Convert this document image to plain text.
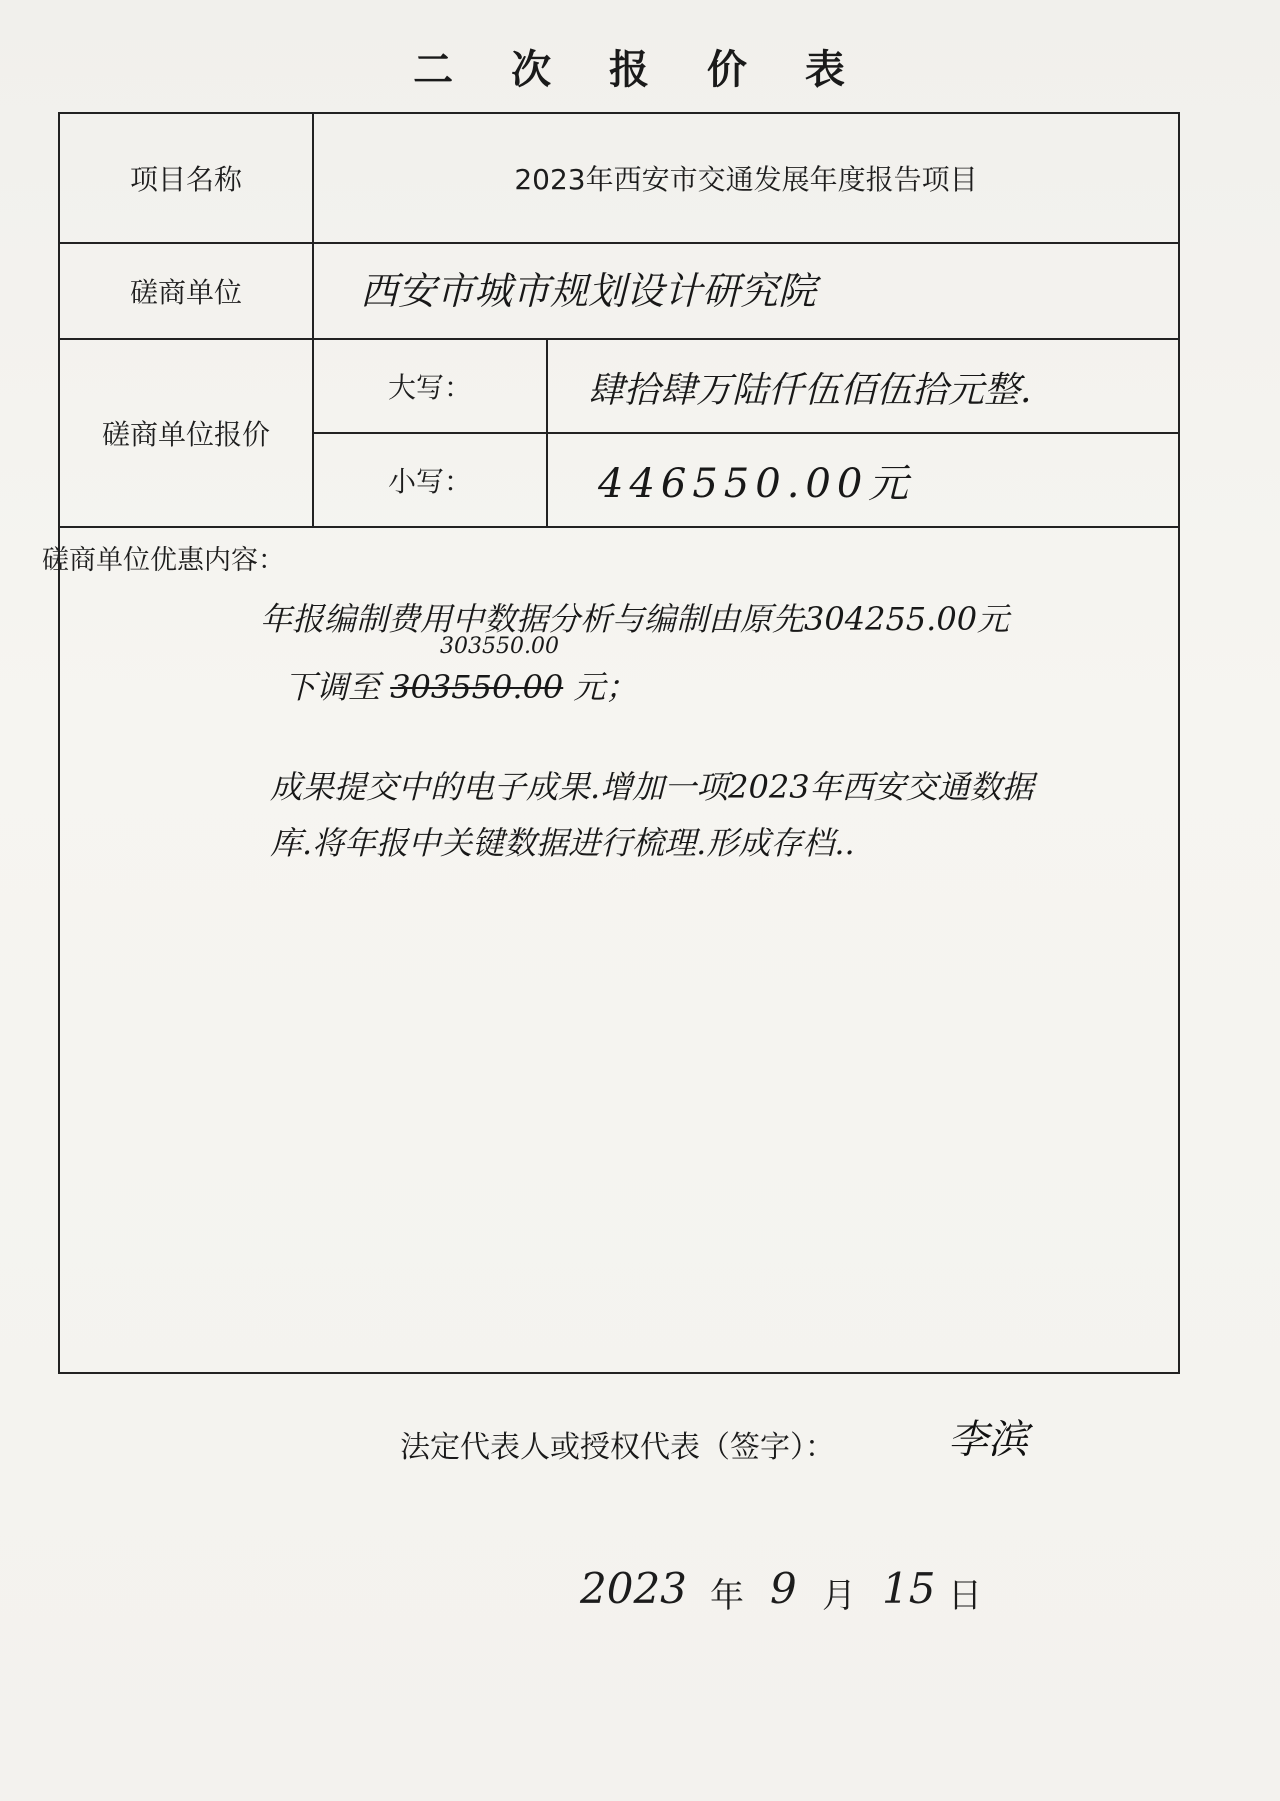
二 次 报 价 表
项目名称	2023年西安市交通发展年度报告项目
磋商单位	西安市城市规划设计研究院
磋商单位报价
大写：	肆拾肆万陆仟伍佰伍拾元整.
小写：	446550.00元
磋商单位优惠内容：
年报编制费用中数据分析与编制由原先304255.00元
303550.00
下调至 303550.00 元；
成果提交中的电子成果.增加一项2023年西安交通数据
库.将年报中关键数据进行梳理.形成存档..
法定代表人或授权代表（签字）：	李滨
2023 年 9 月 15 日
